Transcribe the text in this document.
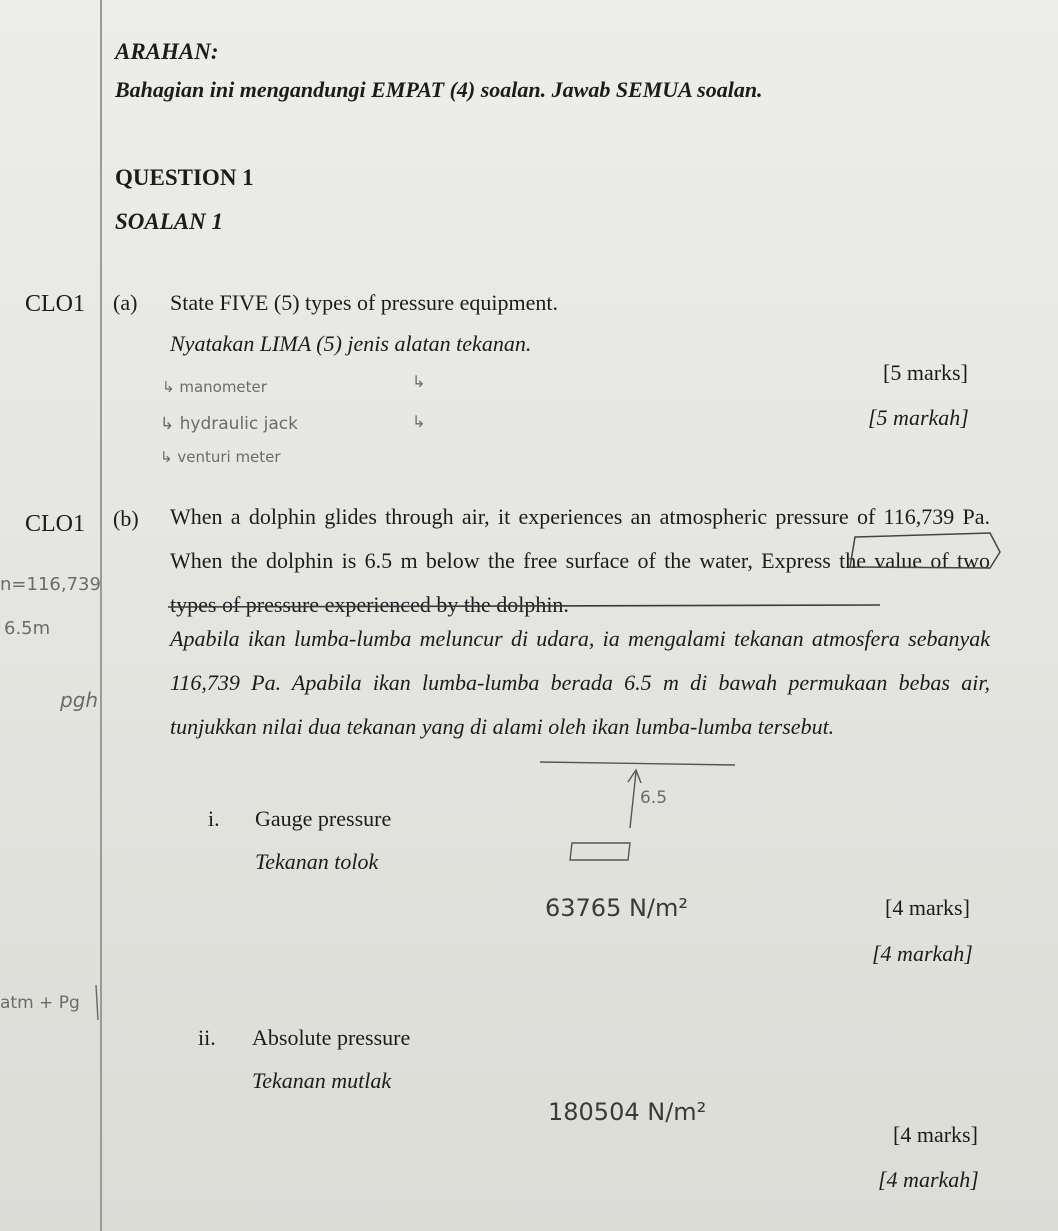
ARAHAN:
Bahagian ini mengandungi EMPAT (4) soalan. Jawab SEMUA soalan.
QUESTION 1
SOALAN 1
CLO1 (a) State FIVE (5) types of pressure equipment.
Nyatakan LIMA (5) jenis alatan tekanan.
[5 marks]
[5 markah]
↳ manometer
↳ hydraulic jack
↳ venturi meter
↳
↳
CLO1 (b) When a dolphin glides through air, it experiences an atmospheric pressure of 116,739 Pa. When the dolphin is 6.5 m below the free surface of the water, Express the value of two types of pressure experienced by the dolphin.
Apabila ikan lumba-lumba meluncur di udara, ia mengalami tekanan atmosfera sebanyak 116,739 Pa. Apabila ikan lumba-lumba berada 6.5 m di bawah permukaan bebas air, tunjukkan nilai dua tekanan yang di alami oleh ikan lumba-lumba tersebut.
n=116,739
6.5m
pgh
atm + Pg
6.5
i. Gauge pressure
Tekanan tolok
63765 N/m²	[4 marks]
[4 markah]
ii. Absolute pressure
Tekanan mutlak
180504 N/m²
[4 marks]
[4 markah]
